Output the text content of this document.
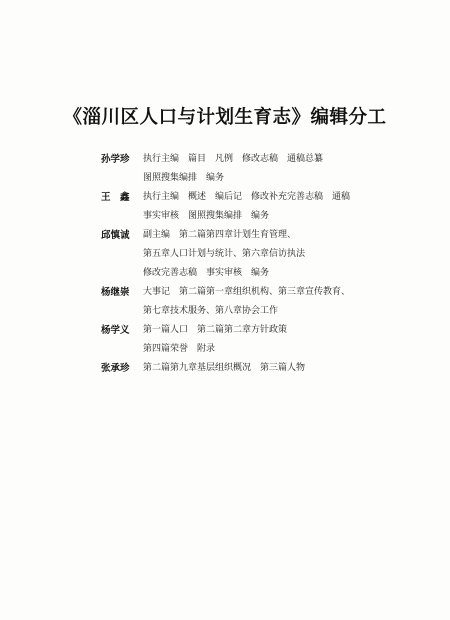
《淄川区人口与计划生育志》编辑分工
孙学珍	执行主编　篇目　凡例　修改志稿　通稿总纂
图照搜集编排　编务
王　鑫	执行主编　概述　编后记　修改补充完善志稿　通稿
事实审核　图照搜集编排　编务
邱慎诚	副主编　第二篇第四章计划生育管理、
第五章人口计划与统计、第六章信访执法
修改完善志稿　事实审核　编务
杨继崇	大事记　第二篇第一章组织机构、第三章宣传教育、
第七章技术服务、第八章协会工作
杨学义	第一篇人口　第二篇第二章方针政策
第四篇荣誉　附录
张承珍	第二篇第九章基层组织概况　第三篇人物
